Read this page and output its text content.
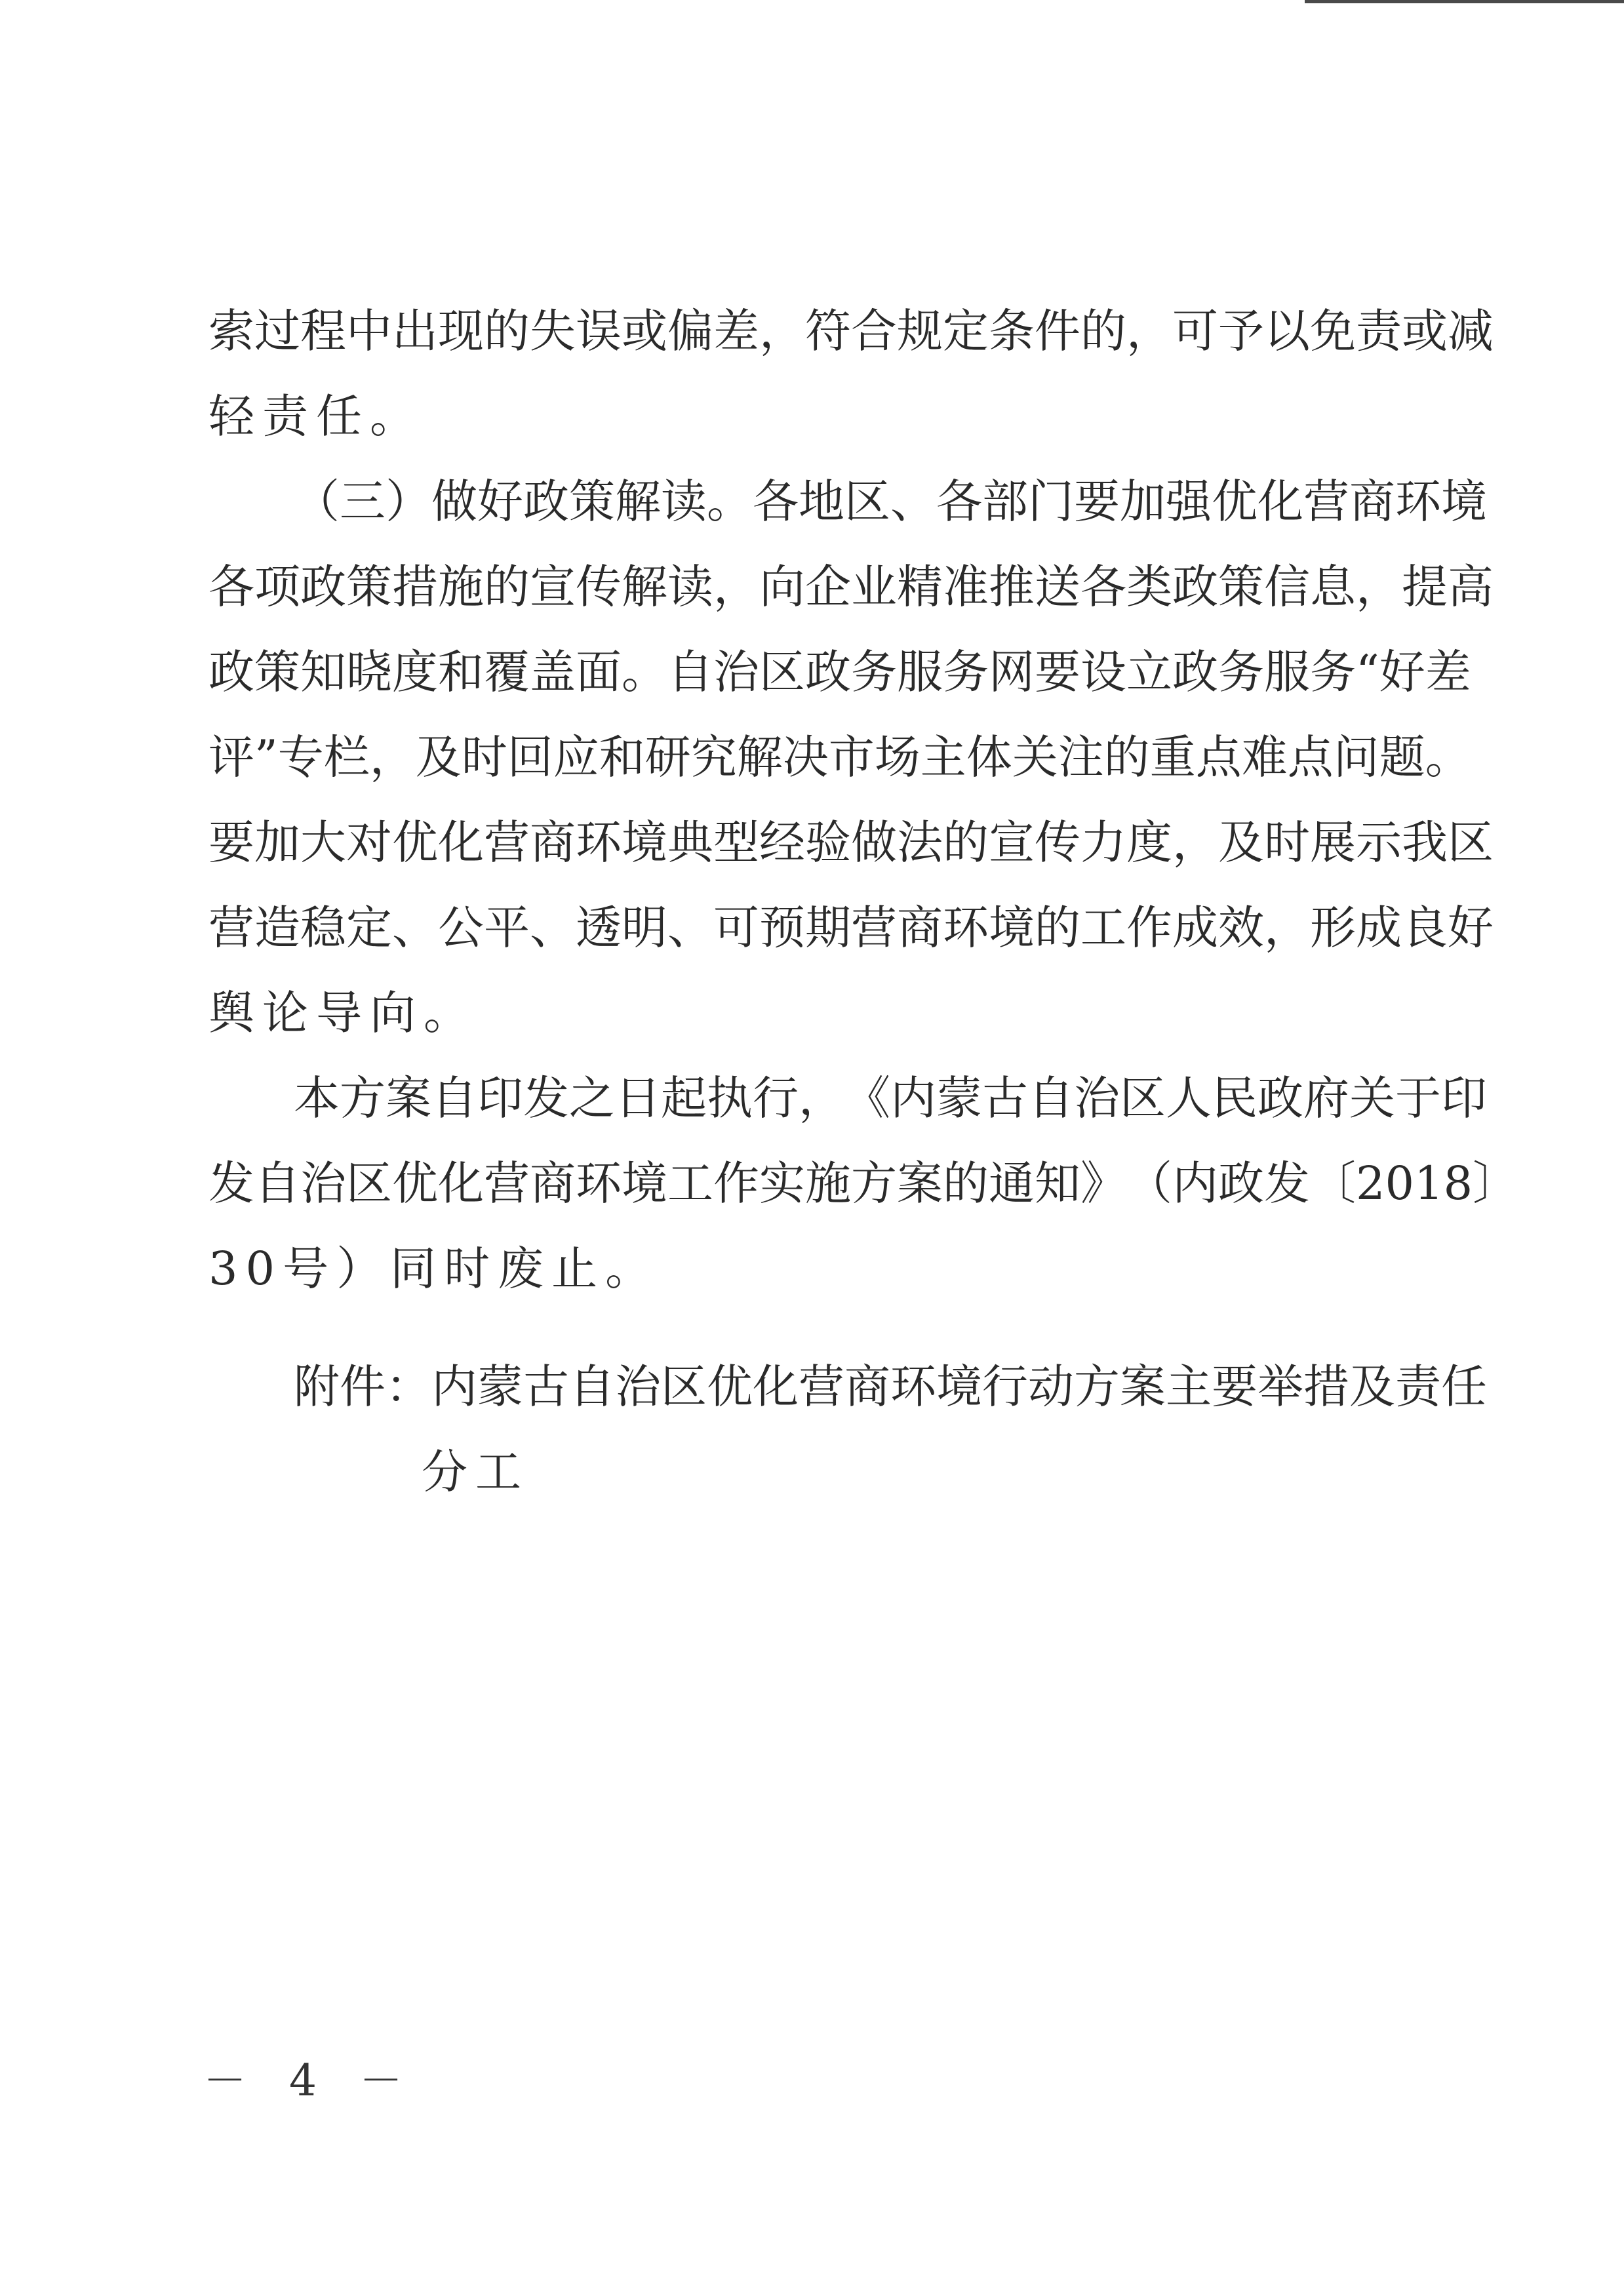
索 过 程 中 出 现 的 失 误 或 偏 差 ， 符 合 规 定 条 件 的 ， 可 予 以 免 责 或 减
轻责任。
（ 三 ） 做 好 政 策 解 读 。 各 地 区 、 各 部 门 要 加 强 优 化 营 商 环 境
各 项 政 策 措 施 的 宣 传 解 读 ， 向 企 业 精 准 推 送 各 类 政 策 信 息 ， 提 高
政 策 知 晓 度 和 覆 盖 面 。 自 治 区 政 务 服 务 网 要 设 立 政 务 服 务 “ 好 差
评 ” 专 栏 ， 及 时 回 应 和 研 究 解 决 市 场 主 体 关 注 的 重 点 难 点 问 题 。
要 加 大 对 优 化 营 商 环 境 典 型 经 验 做 法 的 宣 传 力 度 ， 及 时 展 示 我 区
营 造 稳 定 、 公 平 、 透 明 、 可 预 期 营 商 环 境 的 工 作 成 效 ， 形 成 良 好
舆论导向。
本 方 案 自 印 发 之 日 起 执 行 ， 《 内 蒙 古 自 治 区 人 民 政 府 关 于 印
发 自 治 区 优 化 营 商 环 境 工 作 实 施 方 案 的 通 知 》 （ 内 政 发 〔 2018 〕
30号）同时废止。
附 件 ： 内 蒙 古 自 治 区 优 化 营 商 环 境 行 动 方 案 主 要 举 措 及 责 任
分工
－ 4 －
